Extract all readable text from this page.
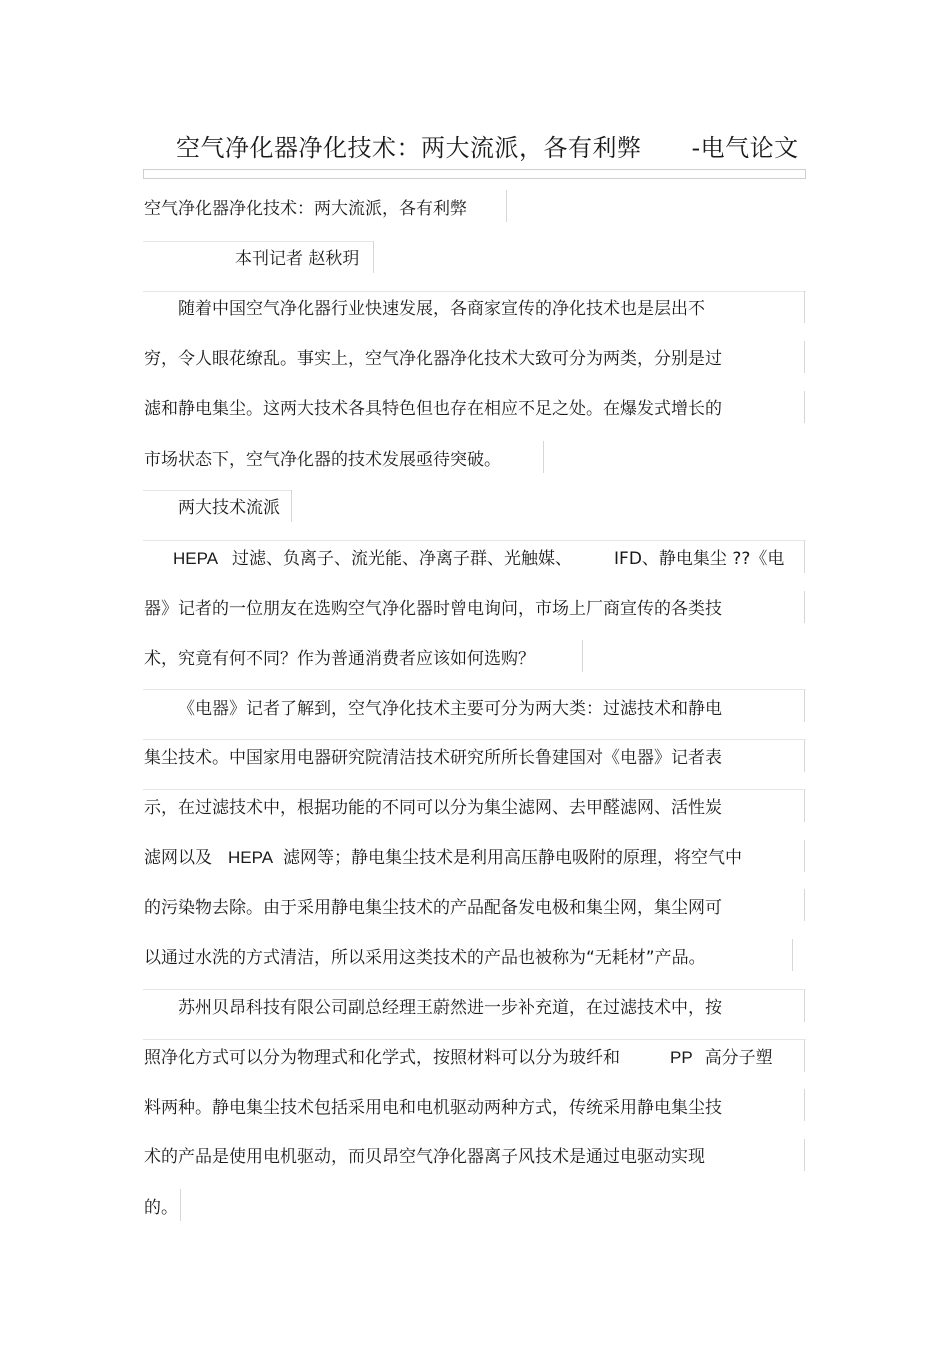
空气净化器净化技术：两大流派，各有利弊 -电气论文
空气净化器净化技术：两大流派，各有利弊
本刊记者 赵秋玥
随着中国空气净化器行业快速发展，各商家宣传的净化技术也是层出不
穷，令人眼花缭乱。事实上，空气净化器净化技术大致可分为两类，分别是过
滤和静电集尘。这两大技术各具特色但也存在相应不足之处。在爆发式增长的
市场状态下，空气净化器的技术发展亟待突破。
两大技术流派
HEPA 过滤、负离子、流光能、净离子群、光触媒、 IFD、静电集尘 ??《电
器》记者的一位朋友在选购空气净化器时曾电询问，市场上厂商宣传的各类技
术，究竟有何不同？作为普通消费者应该如何选购？
《电器》记者了解到，空气净化技术主要可分为两大类：过滤技术和静电
集尘技术。中国家用电器研究院清洁技术研究所所长鲁建国对《电器》记者表
示，在过滤技术中，根据功能的不同可以分为集尘滤网、去甲醛滤网、活性炭
滤网以及 HEPA 滤网等；静电集尘技术是利用高压静电吸附的原理，将空气中
的污染物去除。由于采用静电集尘技术的产品配备发电极和集尘网，集尘网可
以通过水洗的方式清洁，所以采用这类技术的产品也被称为“无耗材”产品。
苏州贝昂科技有限公司副总经理王蔚然进一步补充道，在过滤技术中，按
照净化方式可以分为物理式和化学式，按照材料可以分为玻纤和	PP 高分子塑
料两种。静电集尘技术包括采用电和电机驱动两种方式，传统采用静电集尘技
术的产品是使用电机驱动，而贝昂空气净化器离子风技术是通过电驱动实现
的。
